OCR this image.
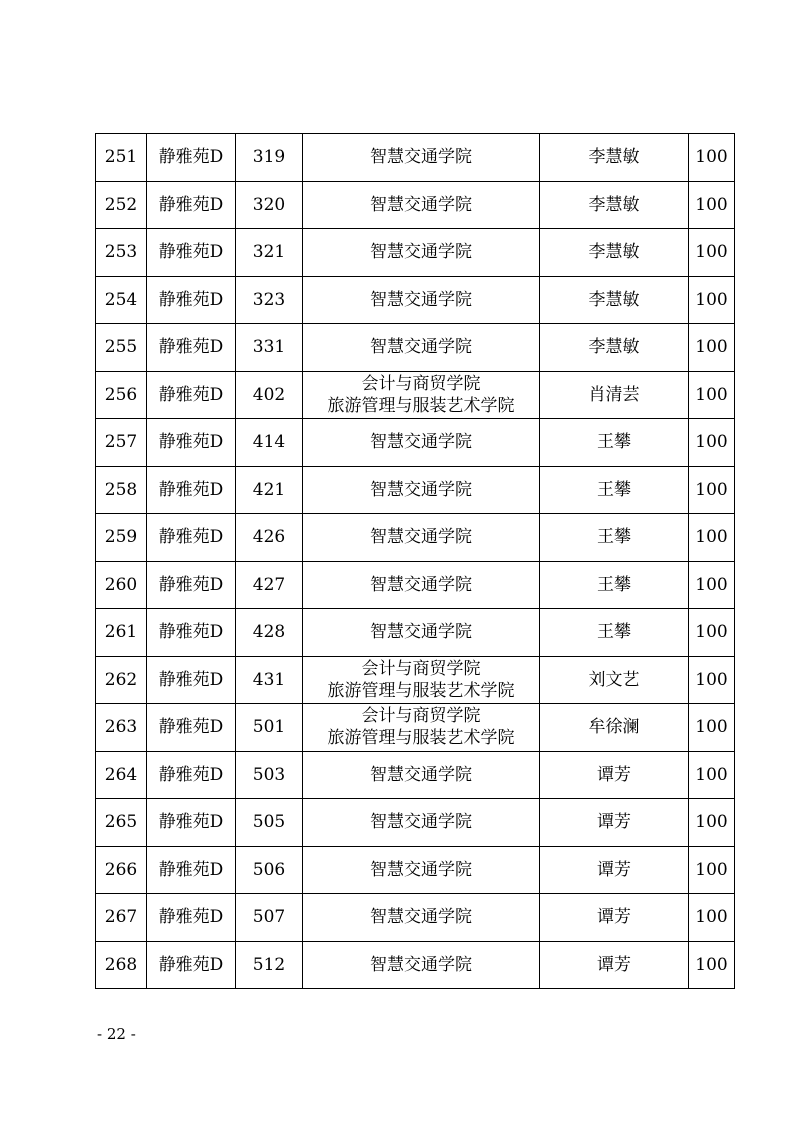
251	静雅苑D	319	智慧交通学院	李慧敏	100
252	静雅苑D	320	智慧交通学院	李慧敏	100
253	静雅苑D	321	智慧交通学院	李慧敏	100
254	静雅苑D	323	智慧交通学院	李慧敏	100
255	静雅苑D	331	智慧交通学院	李慧敏	100
256	静雅苑D	402	会计与商贸学院
旅游管理与服装艺术学院	肖清芸	100
257	静雅苑D	414	智慧交通学院	王攀	100
258	静雅苑D	421	智慧交通学院	王攀	100
259	静雅苑D	426	智慧交通学院	王攀	100
260	静雅苑D	427	智慧交通学院	王攀	100
261	静雅苑D	428	智慧交通学院	王攀	100
262	静雅苑D	431	会计与商贸学院
旅游管理与服装艺术学院	刘文艺	100
263	静雅苑D	501	会计与商贸学院
旅游管理与服装艺术学院	牟徐澜	100
264	静雅苑D	503	智慧交通学院	谭芳	100
265	静雅苑D	505	智慧交通学院	谭芳	100
266	静雅苑D	506	智慧交通学院	谭芳	100
267	静雅苑D	507	智慧交通学院	谭芳	100
268	静雅苑D	512	智慧交通学院	谭芳	100
- 22 -
